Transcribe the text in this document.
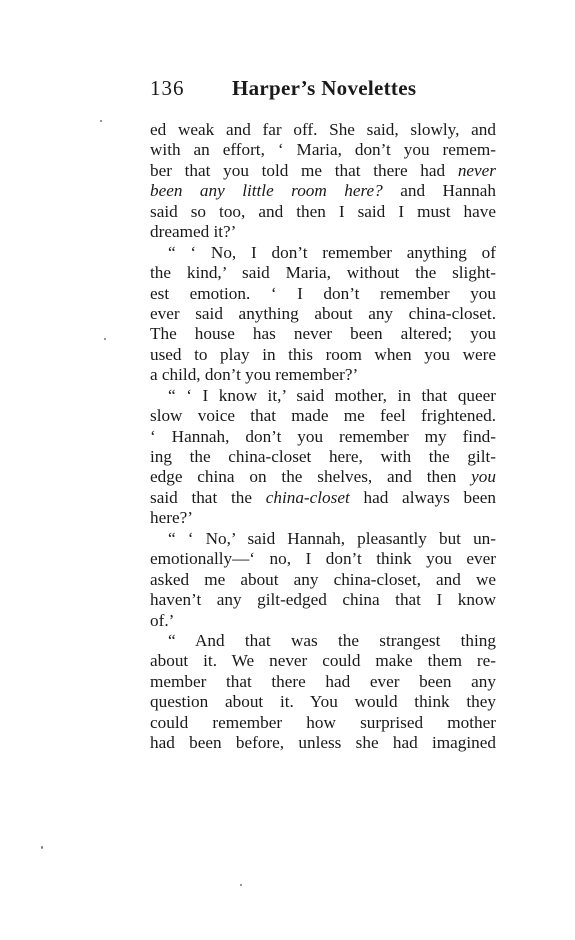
136 Harper’s Novelettes
ed weak and far off. She said, slowly, and
with an effort, ‘ Maria, don’t you remem-
ber that you told me that there had never
been any little room here? and Hannah
said so too, and then I said I must have
dreamed it?’
“ ‘ No, I don’t remember anything of
the kind,’ said Maria, without the slight-
est emotion. ‘ I don’t remember you
ever said anything about any china-closet.
The house has never been altered; you
used to play in this room when you were
a child, don’t you remember?’
“ ‘ I know it,’ said mother, in that queer
slow voice that made me feel frightened.
‘ Hannah, don’t you remember my find-
ing the china-closet here, with the gilt-
edge china on the shelves, and then you
said that the china-closet had always been
here?’
“ ‘ No,’ said Hannah, pleasantly but un-
emotionally—‘ no, I don’t think you ever
asked me about any china-closet, and we
haven’t any gilt-edged china that I know
of.’
“ And that was the strangest thing
about it. We never could make them re-
member that there had ever been any
question about it. You would think they
could remember how surprised mother
had been before, unless she had imagined
